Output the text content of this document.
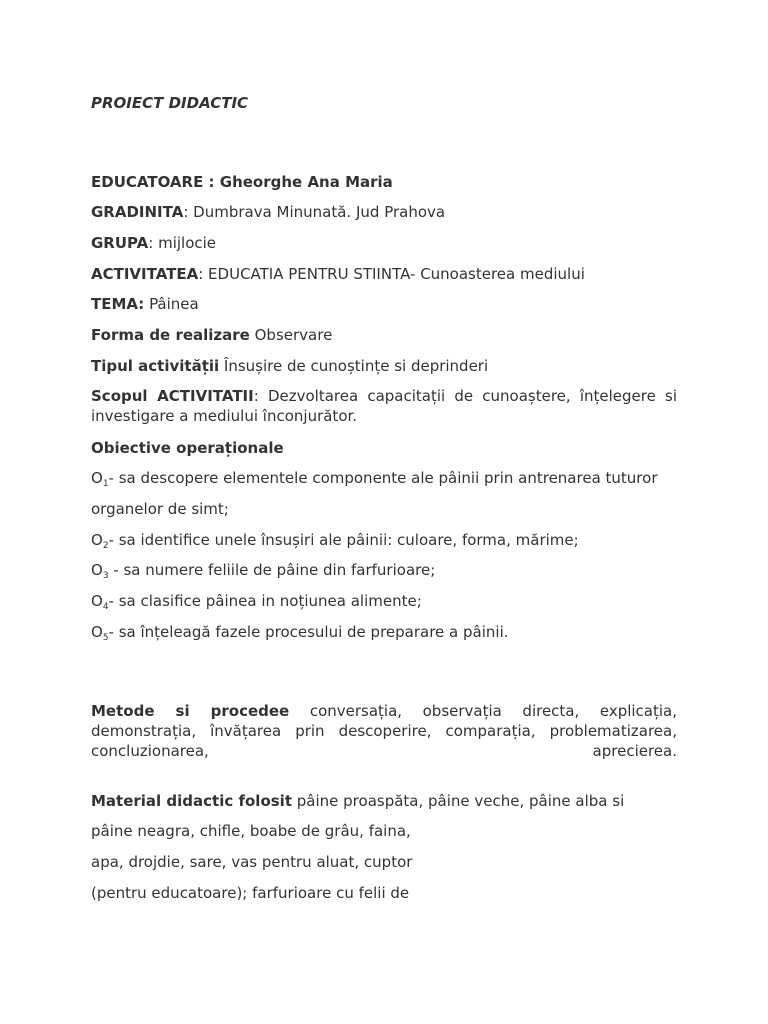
PROIECT DIDACTIC
EDUCATOARE : Gheorghe Ana Maria
GRADINITA: Dumbrava Minunată. Jud Prahova
GRUPA: mijlocie
ACTIVITATEA: EDUCATIA PENTRU STIINTA- Cunoasterea mediului
TEMA: Pâinea
Forma de realizare Observare
Tipul activității Însușire de cunoștințe si deprinderi
Scopul ACTIVITATII: Dezvoltarea capacitații de cunoaștere, înțelegere si investigare a mediului înconjurător.
Obiective operaționale
$O_1-$ sa descopere elementele componente ale pâinii prin antrenarea tuturor
organelor de simt;
$O_2-$ sa identifice unele însușiri ale pâinii: culoare, forma, mărime;
$O_3$ - sa numere feliile de pâine din farfurioare;
$O_4-$ sa clasifice pâinea in noțiunea alimente;
$O_5-$ sa înțeleagă fazele procesului de preparare a pâinii.
Metode si procedee conversația, observația directa, explicația,
demonstrația, învățarea prin descoperire, comparația, problematizarea,
concluzionarea,	aprecierea.
Material didactic folosit pâine proaspăta, pâine veche, pâine alba si
pâine neagra, chifle, boabe de grâu, faina,
apa, drojdie, sare, vas pentru aluat, cuptor
(pentru educatoare); farfurioare cu felii de
